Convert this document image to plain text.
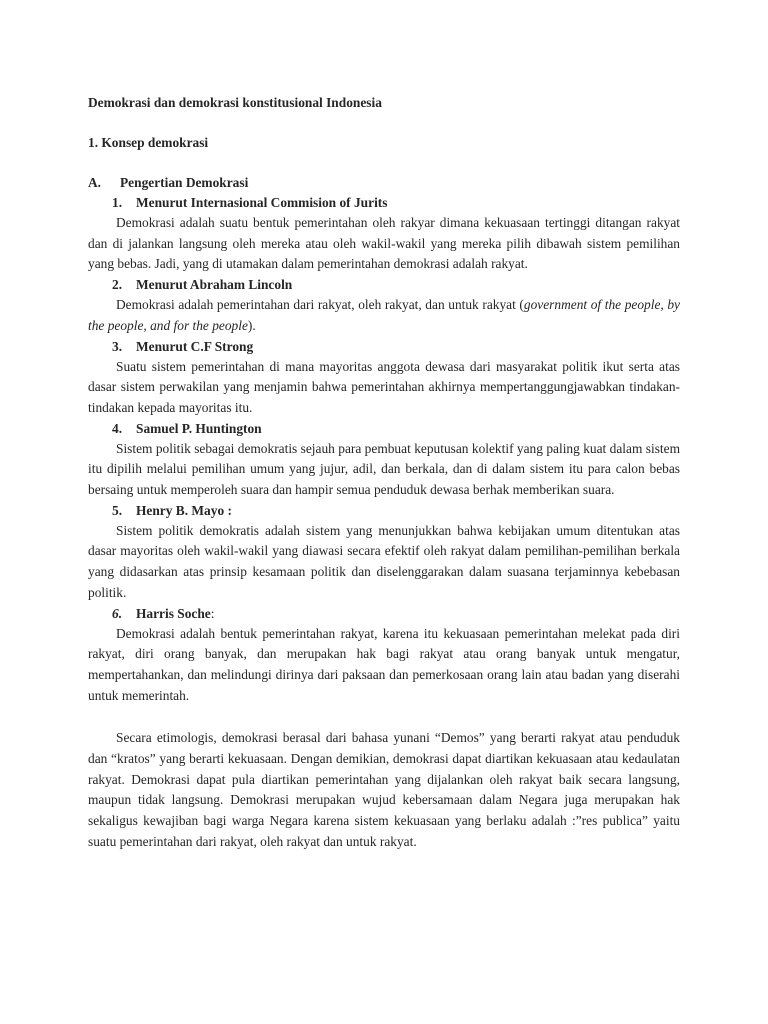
Demokrasi dan demokrasi konstitusional Indonesia

1. Konsep demokrasi

A.	Pengertian Demokrasi
1.	Menurut Internasional Commision of Jurits

Demokrasi adalah suatu bentuk pemerintahan oleh rakyar dimana kekuasaan tertinggi ditangan rakyat dan di jalankan langsung oleh mereka atau oleh wakil-wakil yang mereka pilih dibawah sistem pemilihan yang bebas. Jadi, yang di utamakan dalam pemerintahan demokrasi adalah rakyat.

2.	Menurut Abraham Lincoln

Demokrasi adalah pemerintahan dari rakyat, oleh rakyat, dan untuk rakyat (government of the people, by the people, and for the people).

3.	Menurut C.F Strong

Suatu sistem pemerintahan di mana mayoritas anggota dewasa dari masyarakat politik ikut serta atas dasar sistem perwakilan yang menjamin bahwa pemerintahan akhirnya mempertanggungjawabkan tindakan-tindakan kepada mayoritas itu.

4.	Samuel P. Huntington

Sistem politik sebagai demokratis sejauh para pembuat keputusan kolektif yang paling kuat dalam sistem itu dipilih melalui pemilihan umum yang jujur, adil, dan berkala, dan di dalam sistem itu para calon bebas bersaing untuk memperoleh suara dan hampir semua penduduk dewasa berhak memberikan suara.

5.	Henry B. Mayo :

Sistem politik demokratis adalah sistem yang menunjukkan bahwa kebijakan umum ditentukan atas dasar mayoritas oleh wakil-wakil yang diawasi secara efektif oleh rakyat dalam pemilihan-pemilihan berkala yang didasarkan atas prinsip kesamaan politik dan diselenggarakan dalam suasana terjaminnya kebebasan politik.

6.	Harris Soche :

Demokrasi adalah bentuk pemerintahan rakyat, karena itu kekuasaan pemerintahan melekat pada diri rakyat, diri orang banyak, dan merupakan hak bagi rakyat atau orang banyak untuk mengatur, mempertahankan, dan melindungi dirinya dari paksaan dan pemerkosaan orang lain atau badan yang diserahi untuk memerintah.

Secara etimologis, demokrasi berasal dari bahasa yunani “Demos” yang berarti rakyat atau penduduk dan “kratos” yang berarti kekuasaan. Dengan demikian, demokrasi dapat diartikan kekuasaan atau kedaulatan rakyat. Demokrasi dapat pula diartikan pemerintahan yang dijalankan oleh rakyat baik secara langsung, maupun tidak langsung. Demokrasi merupakan wujud kebersamaan dalam Negara juga merupakan hak sekaligus kewajiban bagi warga Negara karena sistem kekuasaan yang berlaku adalah :”res publica” yaitu suatu pemerintahan dari rakyat, oleh rakyat dan untuk rakyat.
